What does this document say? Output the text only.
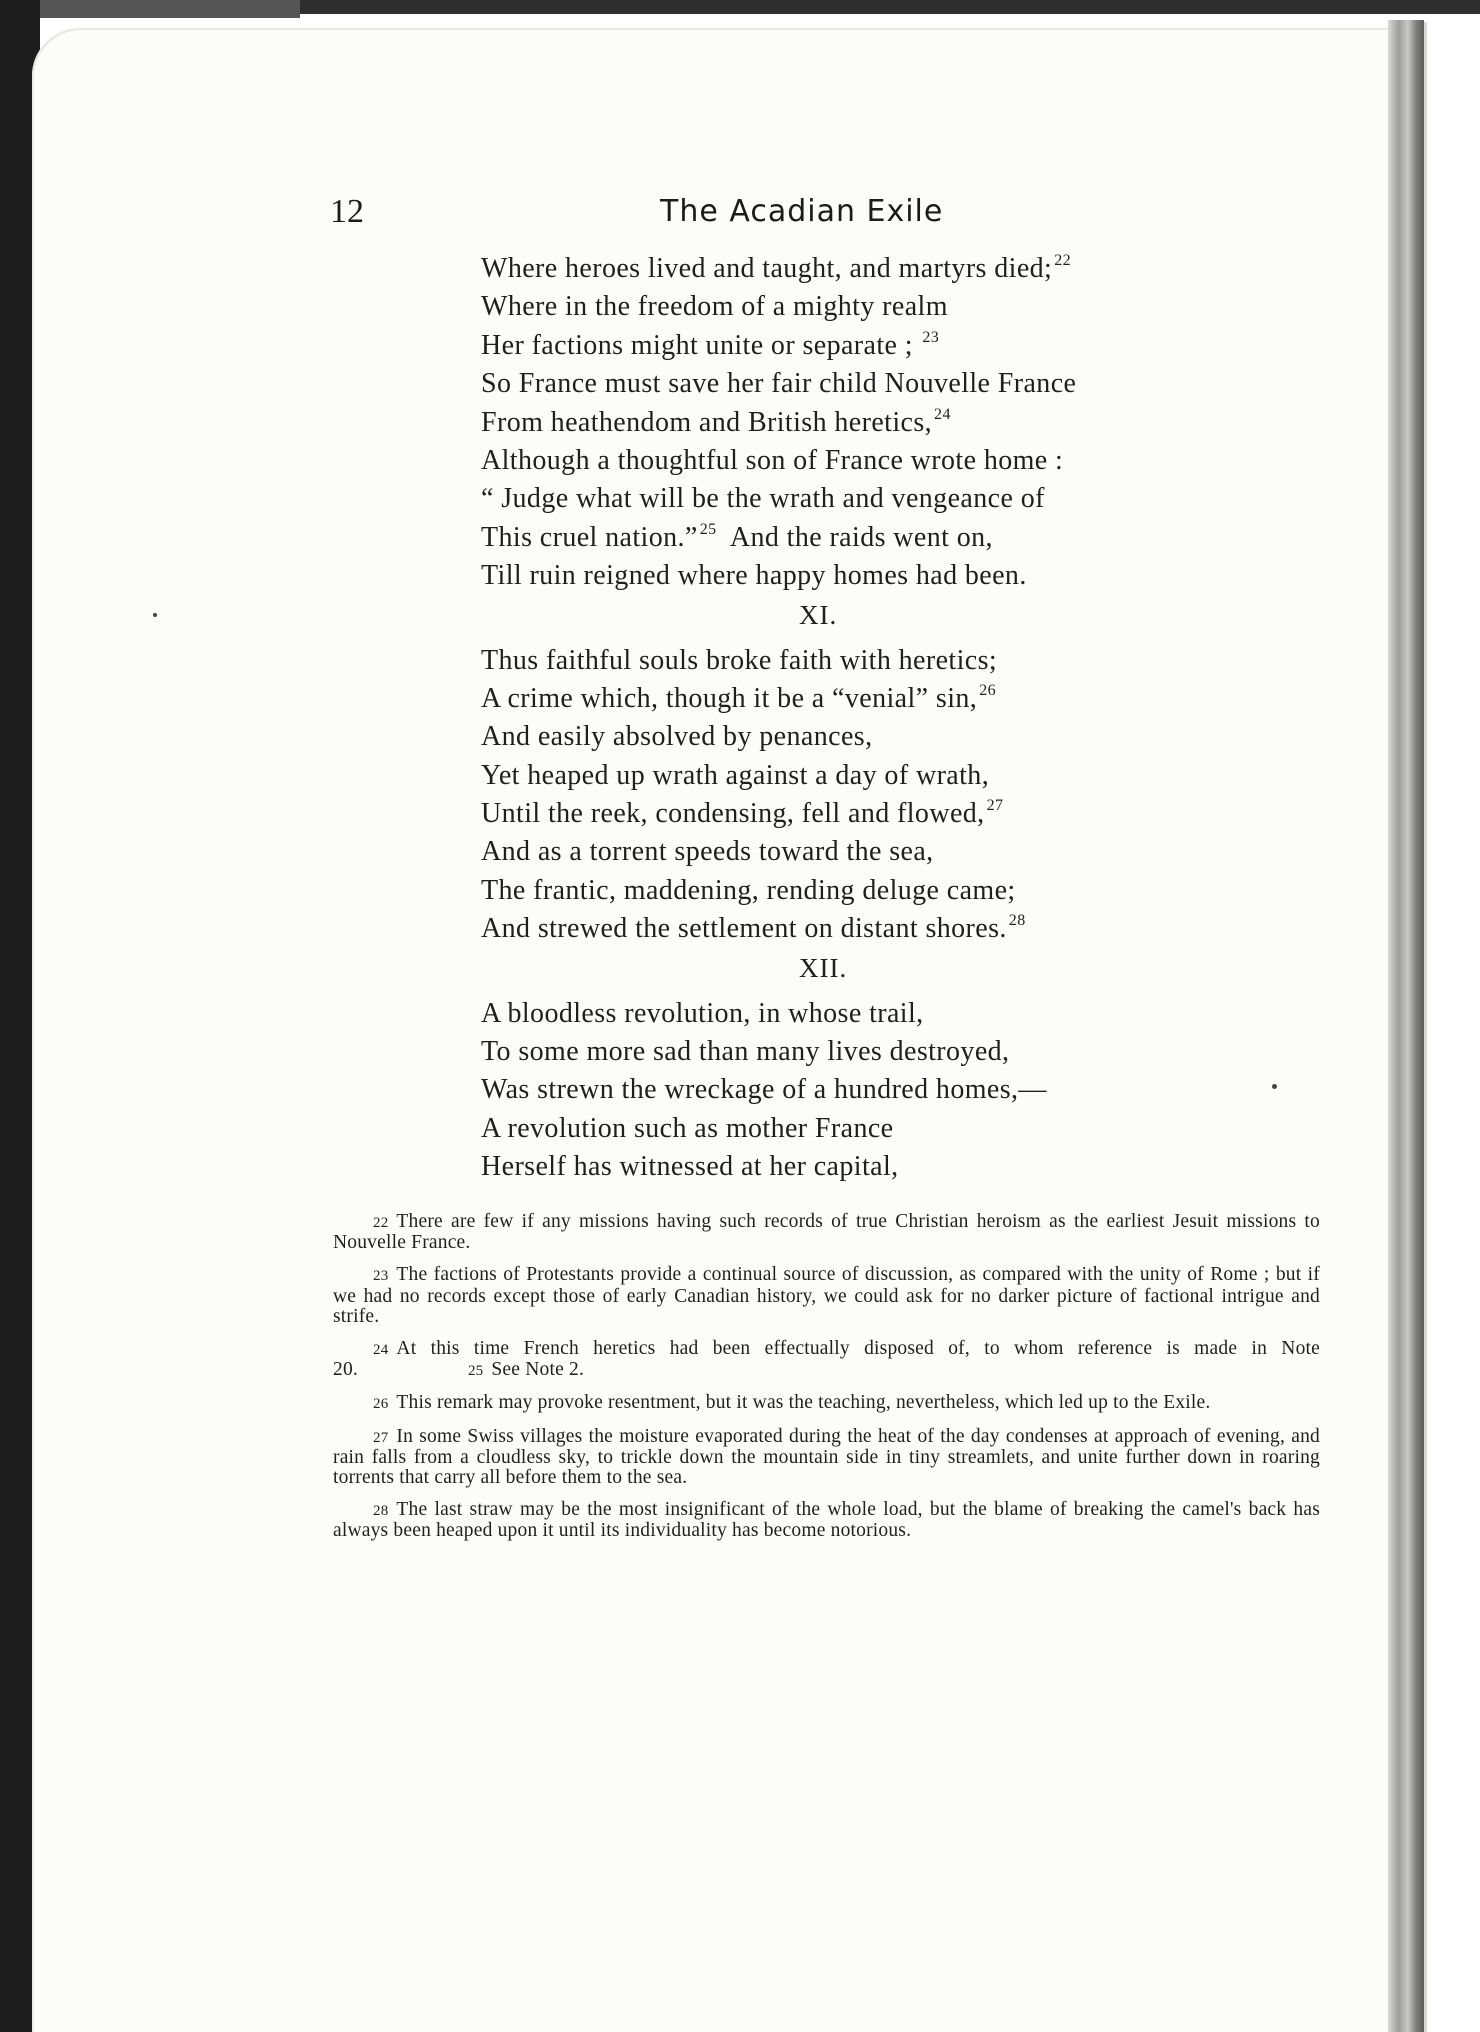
12	The Acadian Exile
Where heroes lived and taught, and martyrs died; $^{22}$
Where in the freedom of a mighty realm
Her factions might unite or separate ; $^{23}$
So France must save her fair child Nouvelle France
From heathendom and British heretics, $^{24}$
Although a thoughtful son of France wrote home :
“ Judge what will be the wrath and vengeance of
This cruel nation.” $^{25}$  And the raids went on,
Till ruin reigned where happy homes had been.
XI.
Thus faithful souls broke faith with heretics;
A crime which, though it be a “venial” sin, $^{26}$
And easily absolved by penances,
Yet heaped up wrath against a day of wrath,
Until the reek, condensing, fell and flowed, $^{27}$
And as a torrent speeds toward the sea,
The frantic, maddening, rending deluge came;
And strewed the settlement on distant shores. $^{28}$
XII.
A bloodless revolution, in whose trail,
To some more sad than many lives destroyed,
Was strewn the wreckage of a hundred homes,—
A revolution such as mother France
Herself has witnessed at her capital,
22 There are few if any missions having such records of true Christian heroism as the earliest Jesuit missions to Nouvelle France.
23 The factions of Protestants provide a continual source of discussion, as compared with the unity of Rome ; but if we had no records except those of early Canadian history, we could ask for no darker picture of factional intrigue and strife.
24 At this time French heretics had been effectually disposed of, to whom reference is made in Note 20.	25 See Note 2.
26 This remark may provoke resentment, but it was the teaching, nevertheless, which led up to the Exile.
27 In some Swiss villages the moisture evaporated during the heat of the day condenses at approach of evening, and rain falls from a cloudless sky, to trickle down the mountain side in tiny streamlets, and unite further down in roaring torrents that carry all before them to the sea.
28 The last straw may be the most insignificant of the whole load, but the blame of breaking the camel's back has always been heaped upon it until its individuality has become notorious.
